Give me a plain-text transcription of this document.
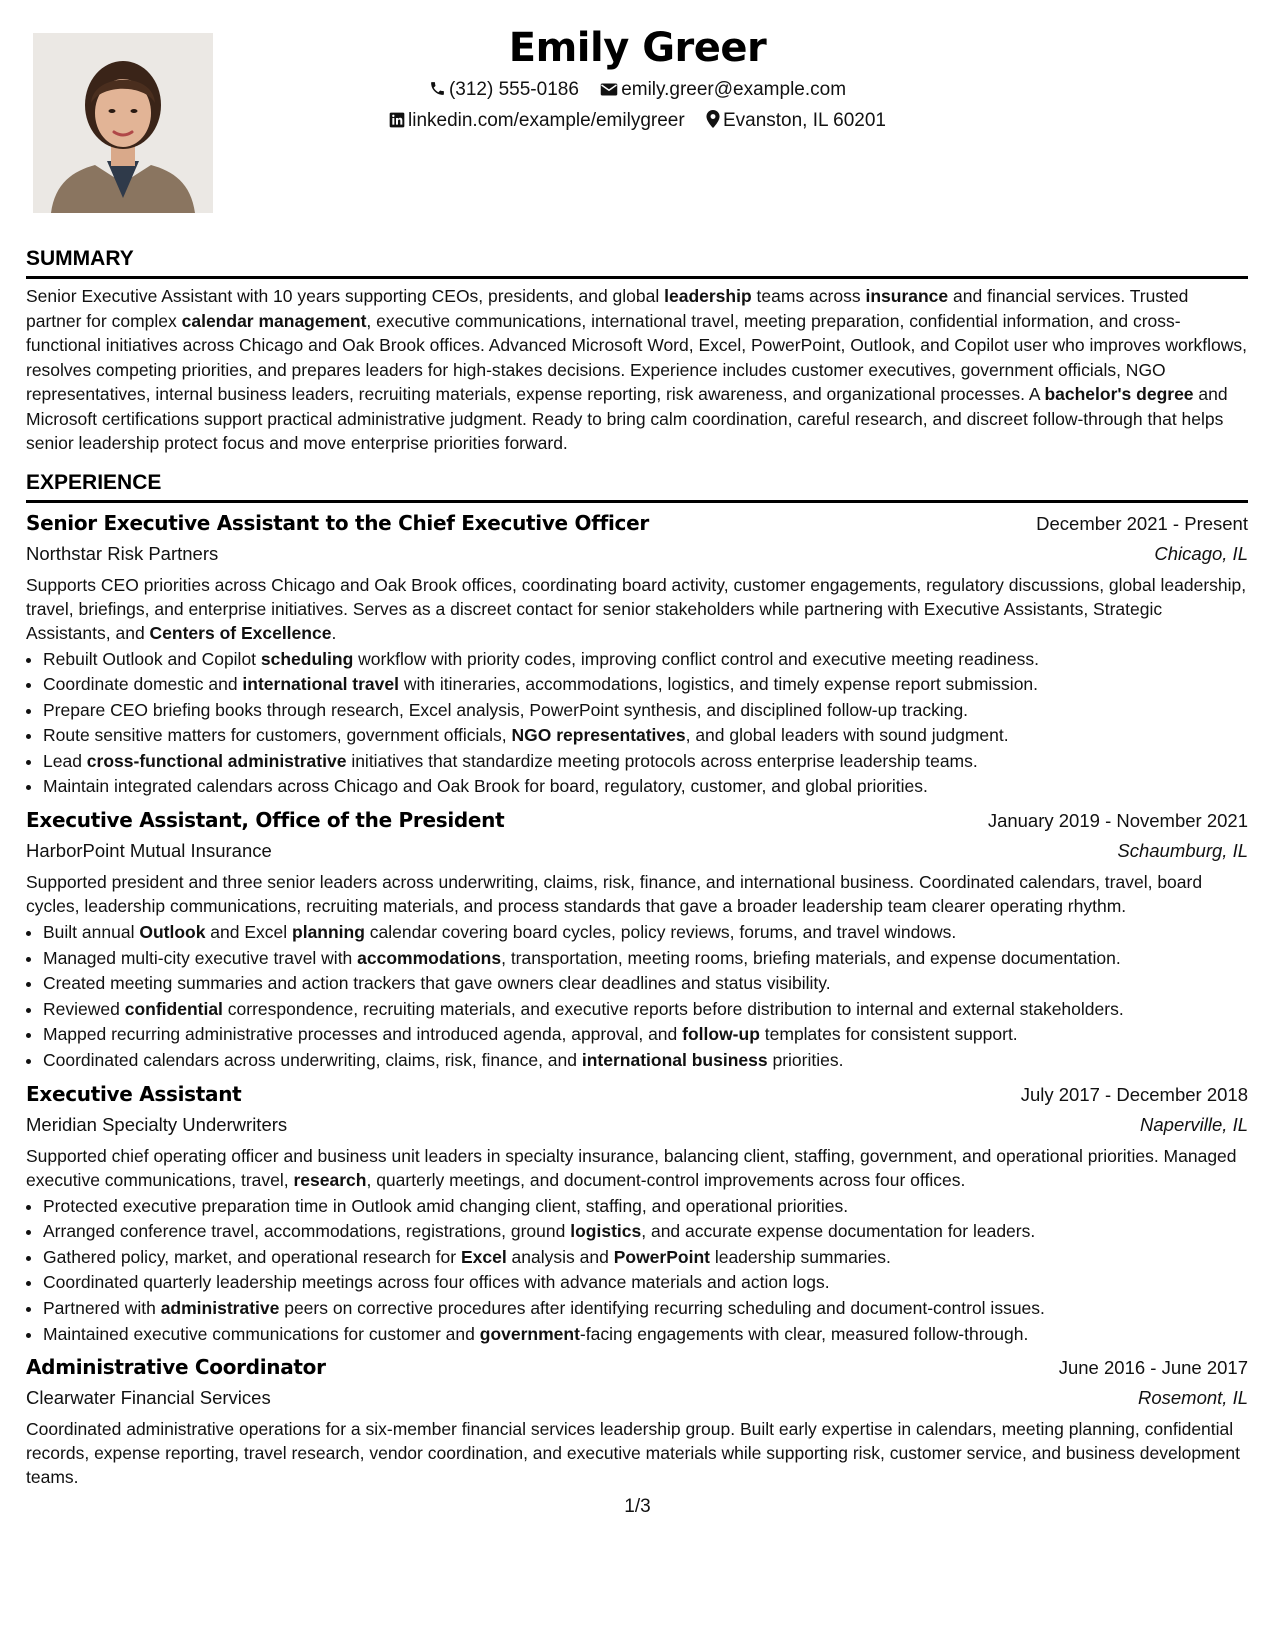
Emily Greer
(312) 555-0186 emily.greer@example.com
linkedin.com/example/emilygreer Evanston, IL 60201
SUMMARY
Senior Executive Assistant with 10 years supporting CEOs, presidents, and global leadership teams across insurance and financial services. Trusted partner for complex calendar management, executive communications, international travel, meeting preparation, confidential information, and cross-functional initiatives across Chicago and Oak Brook offices. Advanced Microsoft Word, Excel, PowerPoint, Outlook, and Copilot user who improves workflows, resolves competing priorities, and prepares leaders for high-stakes decisions. Experience includes customer executives, government officials, NGO representatives, internal business leaders, recruiting materials, expense reporting, risk awareness, and organizational processes. A bachelor's degree and Microsoft certifications support practical administrative judgment. Ready to bring calm coordination, careful research, and discreet follow-through that helps senior leadership protect focus and move enterprise priorities forward.
EXPERIENCE
Senior Executive Assistant to the Chief Executive Officer	December 2021 - Present
Northstar Risk Partners	Chicago, IL
Supports CEO priorities across Chicago and Oak Brook offices, coordinating board activity, customer engagements, regulatory discussions, global leadership, travel, briefings, and enterprise initiatives. Serves as a discreet contact for senior stakeholders while partnering with Executive Assistants, Strategic Assistants, and Centers of Excellence.
• Rebuilt Outlook and Copilot scheduling workflow with priority codes, improving conflict control and executive meeting readiness.
• Coordinate domestic and international travel with itineraries, accommodations, logistics, and timely expense report submission.
• Prepare CEO briefing books through research, Excel analysis, PowerPoint synthesis, and disciplined follow-up tracking.
• Route sensitive matters for customers, government officials, NGO representatives, and global leaders with sound judgment.
• Lead cross-functional administrative initiatives that standardize meeting protocols across enterprise leadership teams.
• Maintain integrated calendars across Chicago and Oak Brook for board, regulatory, customer, and global priorities.
Executive Assistant, Office of the President	January 2019 - November 2021
HarborPoint Mutual Insurance	Schaumburg, IL
Supported president and three senior leaders across underwriting, claims, risk, finance, and international business. Coordinated calendars, travel, board cycles, leadership communications, recruiting materials, and process standards that gave a broader leadership team clearer operating rhythm.
• Built annual Outlook and Excel planning calendar covering board cycles, policy reviews, forums, and travel windows.
• Managed multi-city executive travel with accommodations, transportation, meeting rooms, briefing materials, and expense documentation.
• Created meeting summaries and action trackers that gave owners clear deadlines and status visibility.
• Reviewed confidential correspondence, recruiting materials, and executive reports before distribution to internal and external stakeholders.
• Mapped recurring administrative processes and introduced agenda, approval, and follow-up templates for consistent support.
• Coordinated calendars across underwriting, claims, risk, finance, and international business priorities.
Executive Assistant	July 2017 - December 2018
Meridian Specialty Underwriters	Naperville, IL
Supported chief operating officer and business unit leaders in specialty insurance, balancing client, staffing, government, and operational priorities. Managed executive communications, travel, research, quarterly meetings, and document-control improvements across four offices.
• Protected executive preparation time in Outlook amid changing client, staffing, and operational priorities.
• Arranged conference travel, accommodations, registrations, ground logistics, and accurate expense documentation for leaders.
• Gathered policy, market, and operational research for Excel analysis and PowerPoint leadership summaries.
• Coordinated quarterly leadership meetings across four offices with advance materials and action logs.
• Partnered with administrative peers on corrective procedures after identifying recurring scheduling and document-control issues.
• Maintained executive communications for customer and government-facing engagements with clear, measured follow-through.
Administrative Coordinator	June 2016 - June 2017
Clearwater Financial Services	Rosemont, IL
Coordinated administrative operations for a six-member financial services leadership group. Built early expertise in calendars, meeting planning, confidential records, expense reporting, travel research, vendor coordination, and executive materials while supporting risk, customer service, and business development teams.
1/3
